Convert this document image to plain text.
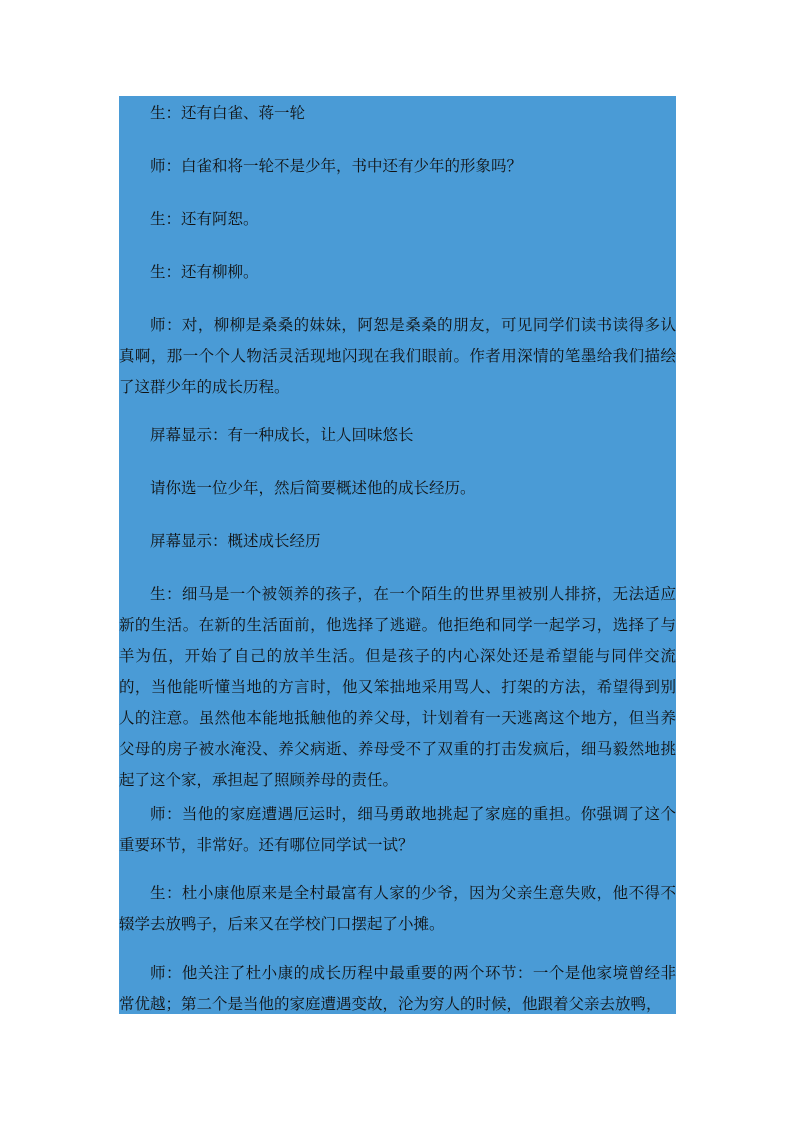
生：还有白雀、蒋一轮

师：白雀和将一轮不是少年，书中还有少年的形象吗？

生：还有阿恕。

生：还有柳柳。

师：对，柳柳是桑桑的妹妹，阿恕是桑桑的朋友，可见同学们读书读得多认真啊，那一个个人物活灵活现地闪现在我们眼前。作者用深情的笔墨给我们描绘了这群少年的成长历程。

屏幕显示：有一种成长，让人回味悠长

请你选一位少年，然后简要概述他的成长经历。

屏幕显示：概述成长经历

生：细马是一个被领养的孩子，在一个陌生的世界里被别人排挤，无法适应新的生活。在新的生活面前，他选择了逃避。他拒绝和同学一起学习，选择了与羊为伍，开始了自己的放羊生活。但是孩子的内心深处还是希望能与同伴交流的，当他能听懂当地的方言时，他又笨拙地采用骂人、打架的方法，希望得到别人的注意。虽然他本能地抵触他的养父母，计划着有一天逃离这个地方，但当养父母的房子被水淹没、养父病逝、养母受不了双重的打击发疯后，细马毅然地挑起了这个家，承担起了照顾养母的责任。

师：当他的家庭遭遇厄运时，细马勇敢地挑起了家庭的重担。你强调了这个重要环节，非常好。还有哪位同学试一试？

生：杜小康他原来是全村最富有人家的少爷，因为父亲生意失败，他不得不辍学去放鸭子，后来又在学校门口摆起了小摊。

师：他关注了杜小康的成长历程中最重要的两个环节：一个是他家境曾经非常优越；第二个是当他的家庭遭遇变故，沦为穷人的时候，他跟着父亲去放鸭，
